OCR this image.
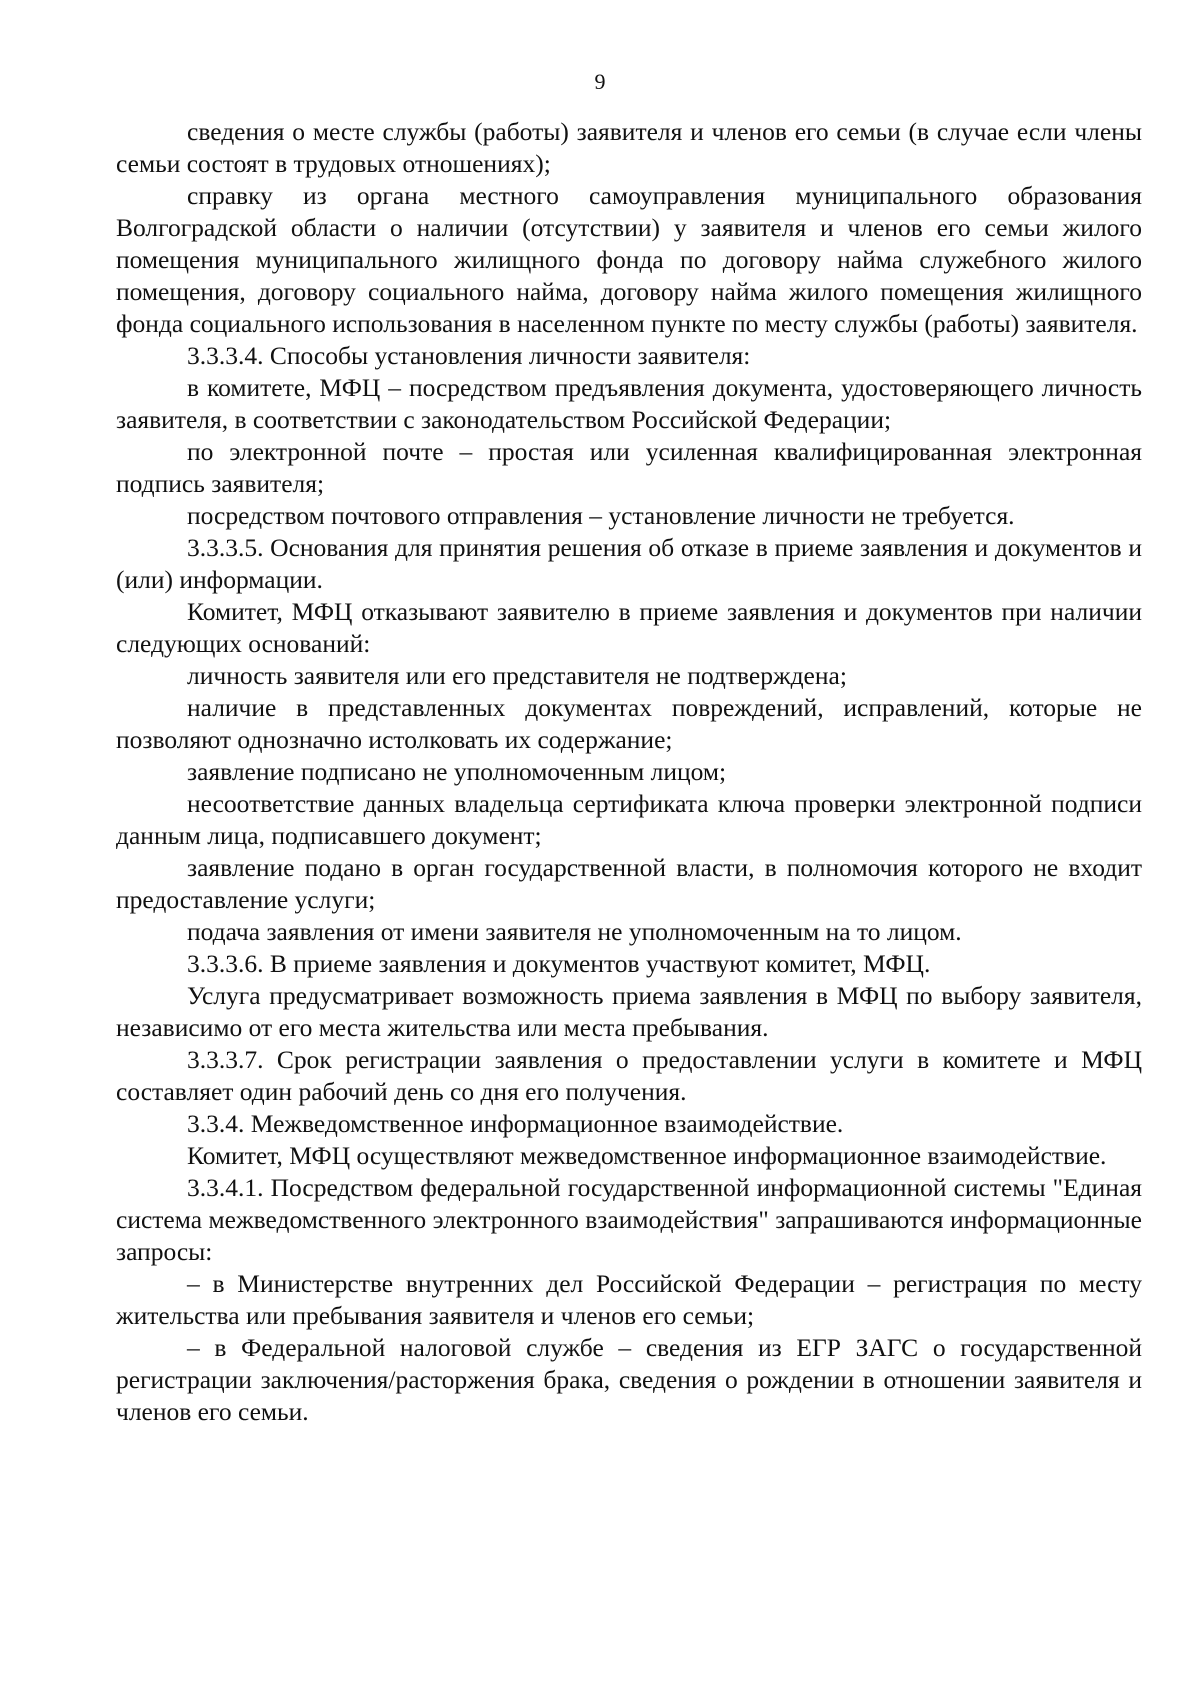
9

сведения о месте службы (работы) заявителя и членов его семьи (в случае если члены семьи состоят в трудовых отношениях);

справку из органа местного самоуправления муниципального образования Волгоградской области о наличии (отсутствии) у заявителя и членов его семьи жилого помещения муниципального жилищного фонда по договору найма служебного жилого помещения, договору социального найма, договору найма жилого помещения жилищного фонда социального использования в населенном пункте по месту службы (работы) заявителя.

3.3.3.4. Способы установления личности заявителя:

в комитете, МФЦ – посредством предъявления документа, удостоверяющего личность заявителя, в соответствии с законодательством Российской Федерации;

по электронной почте – простая или усиленная квалифицированная электронная подпись заявителя;

посредством почтового отправления – установление личности не требуется.

3.3.3.5. Основания для принятия решения об отказе в приеме заявления и документов и (или) информации.

Комитет, МФЦ отказывают заявителю в приеме заявления и документов при наличии следующих оснований:

личность заявителя или его представителя не подтверждена;

наличие в представленных документах повреждений, исправлений, которые не позволяют однозначно истолковать их содержание;

заявление подписано не уполномоченным лицом;

несоответствие данных владельца сертификата ключа проверки электронной подписи данным лица, подписавшего документ;

заявление подано в орган государственной власти, в полномочия которого не входит предоставление услуги;

подача заявления от имени заявителя не уполномоченным на то лицом.

3.3.3.6. В приеме заявления и документов участвуют комитет, МФЦ.

Услуга предусматривает возможность приема заявления в МФЦ по выбору заявителя, независимо от его места жительства или места пребывания.

3.3.3.7. Срок регистрации заявления о предоставлении услуги в комитете и МФЦ составляет один рабочий день со дня его получения.

3.3.4. Межведомственное информационное взаимодействие.

Комитет, МФЦ осуществляют межведомственное информационное взаимодействие.

3.3.4.1. Посредством федеральной государственной информационной системы "Единая система межведомственного электронного взаимодействия" запрашиваются информационные запросы:

– в Министерстве внутренних дел Российской Федерации – регистрация по месту жительства или пребывания заявителя и членов его семьи;

– в Федеральной налоговой службе – сведения из ЕГР ЗАГС о государственной регистрации заключения/расторжения брака, сведения о рождении в отношении заявителя и членов его семьи.
